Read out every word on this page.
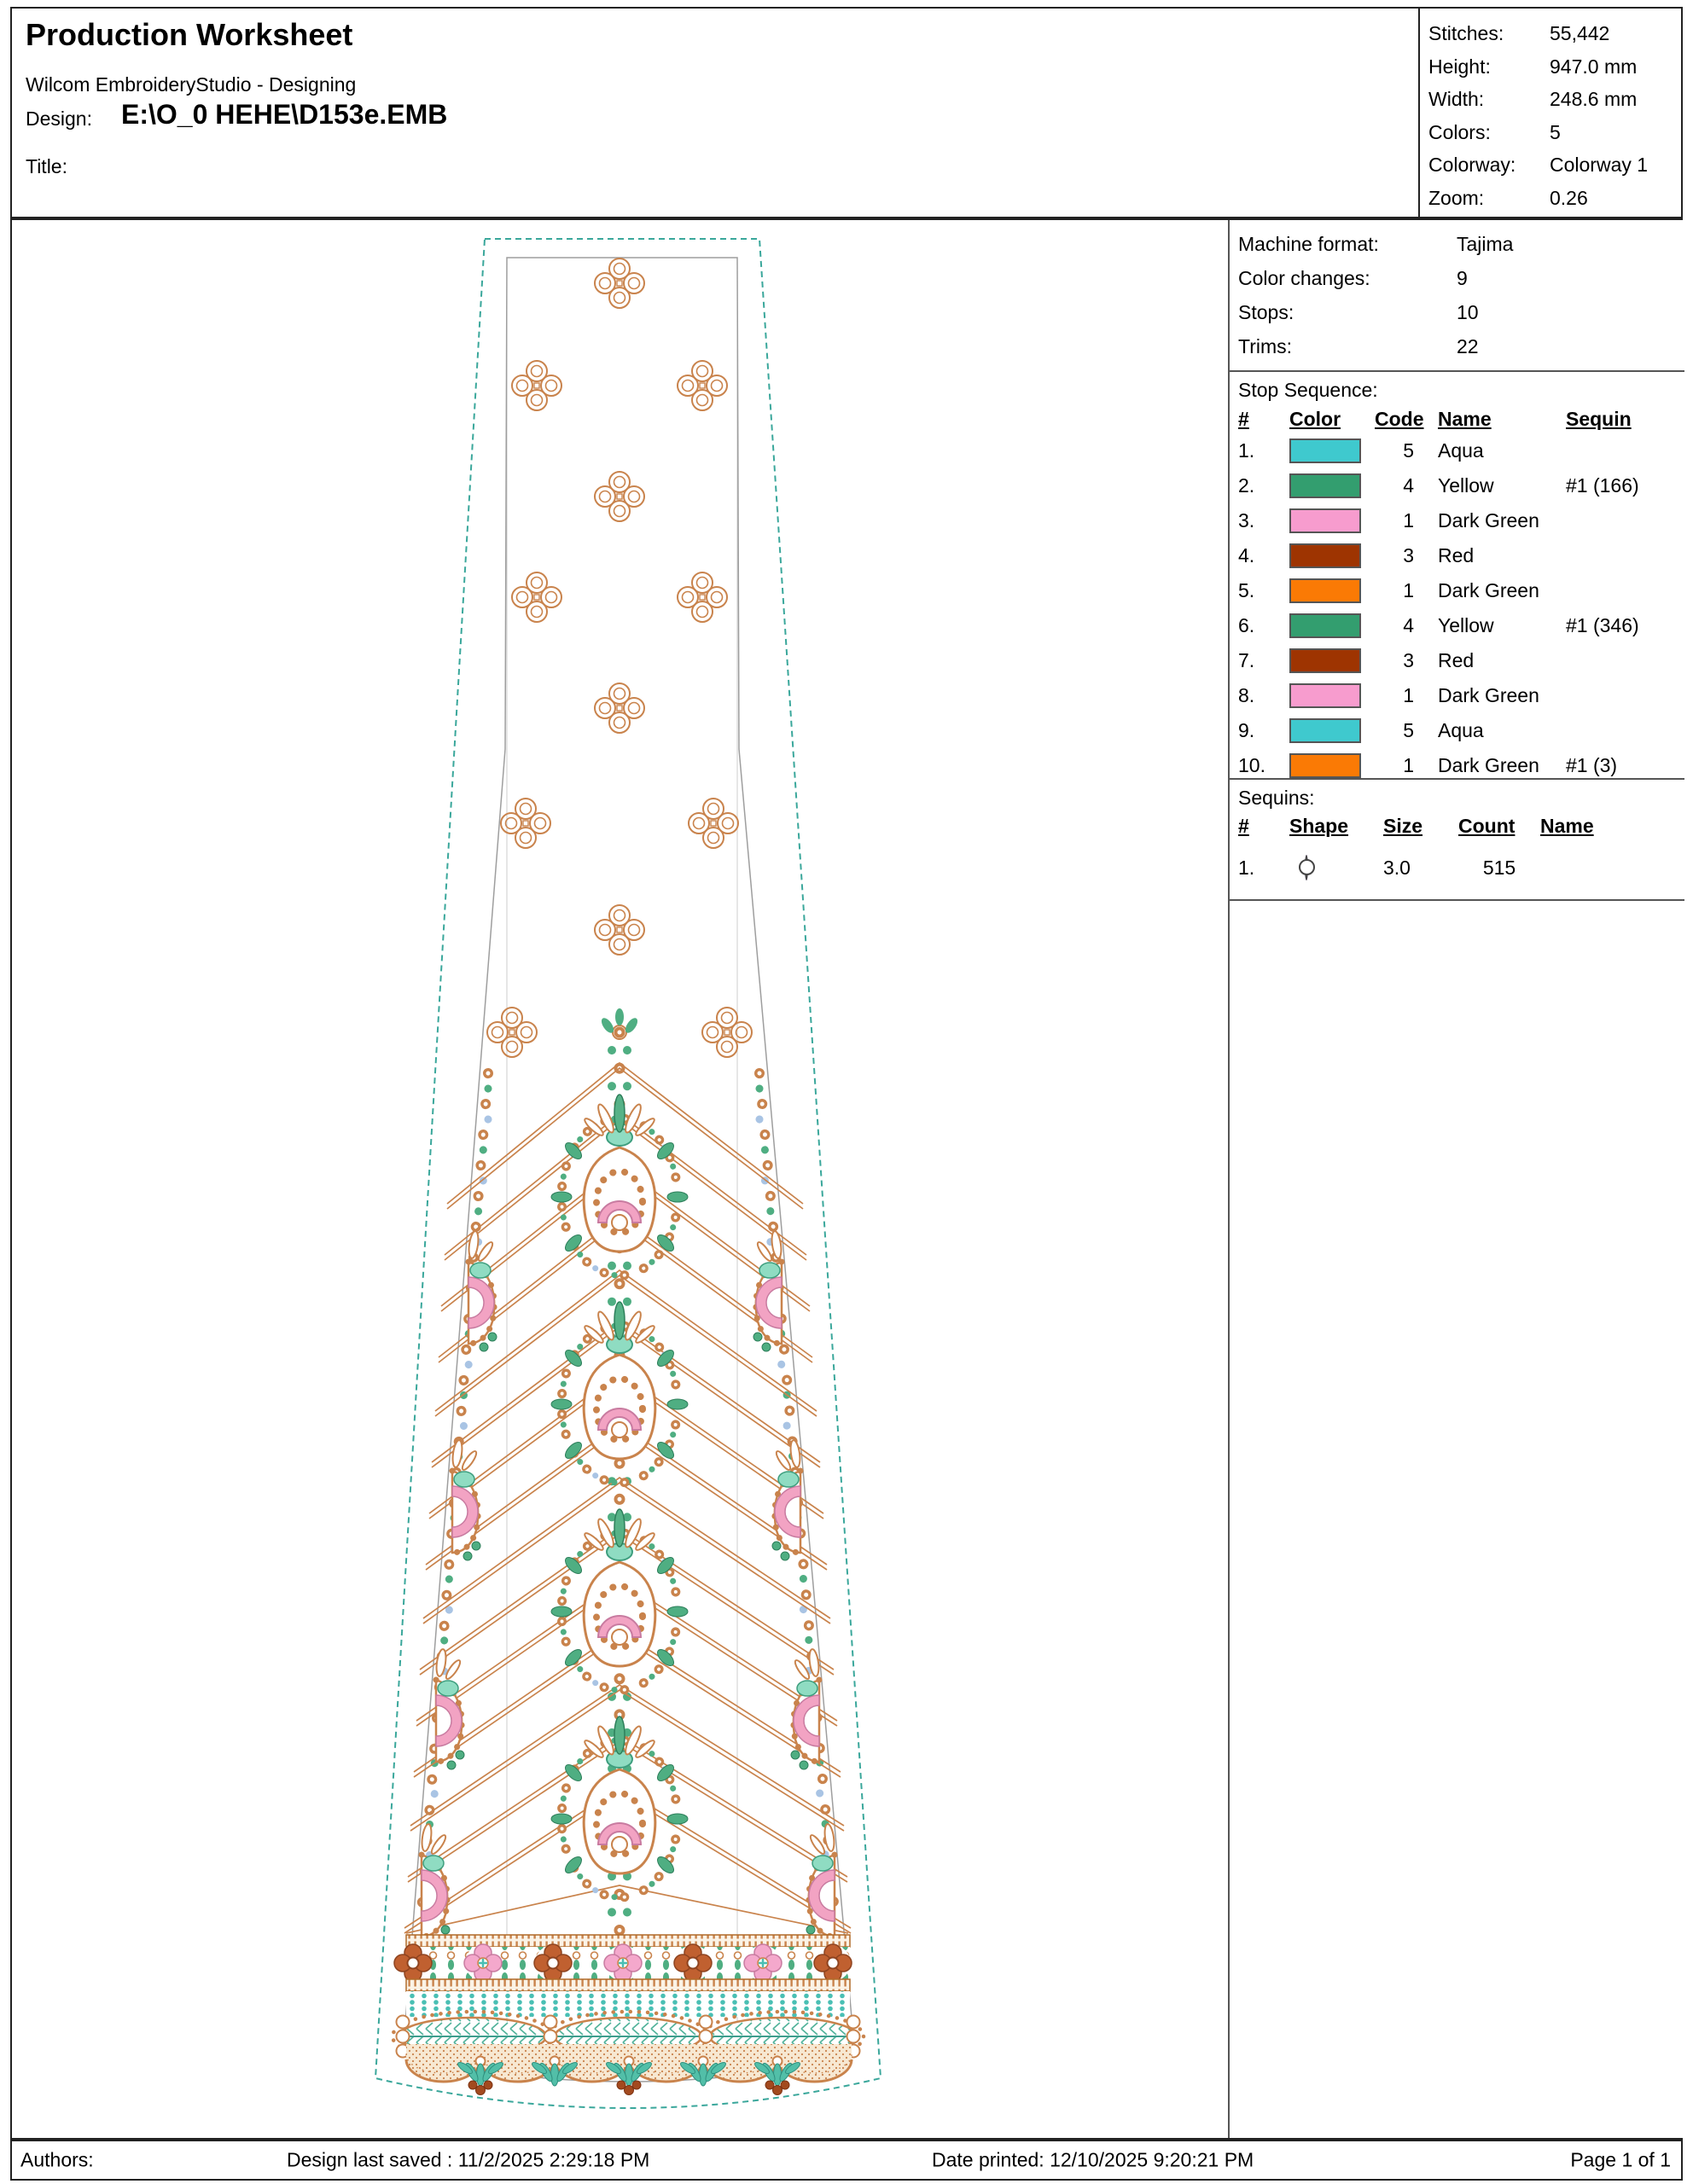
Production Worksheet
Wilcom EmbroideryStudio - Designing
Design: E:\O_0 HEHE\D153e.EMB
Title:
Stitches:	55,442
Height:	947.0 mm
Width:	248.6 mm
Colors:	5
Colorway:	Colorway 1
Zoom:	0.26
Machine format:	Tajima
Color changes:	9
Stops:	10
Trims:	22
Stop Sequence:
#	Color	Code Name	Sequin
1.	5	Aqua
2.	4	Yellow	#1 (166)
3.	1	Dark Green
4.	3	Red
5.	1	Dark Green
6.	4	Yellow	#1 (346)
7.	3	Red
8.	1	Dark Green
9.	5	Aqua
10.	1	Dark Green	#1 (3)
Sequins:
#	Shape	Size	Count	Name
1.	3.0	515
Authors:	Design last saved : 11/2/2025 2:29:18 PM	Date printed: 12/10/2025 9:20:21 PM	Page 1 of 1
